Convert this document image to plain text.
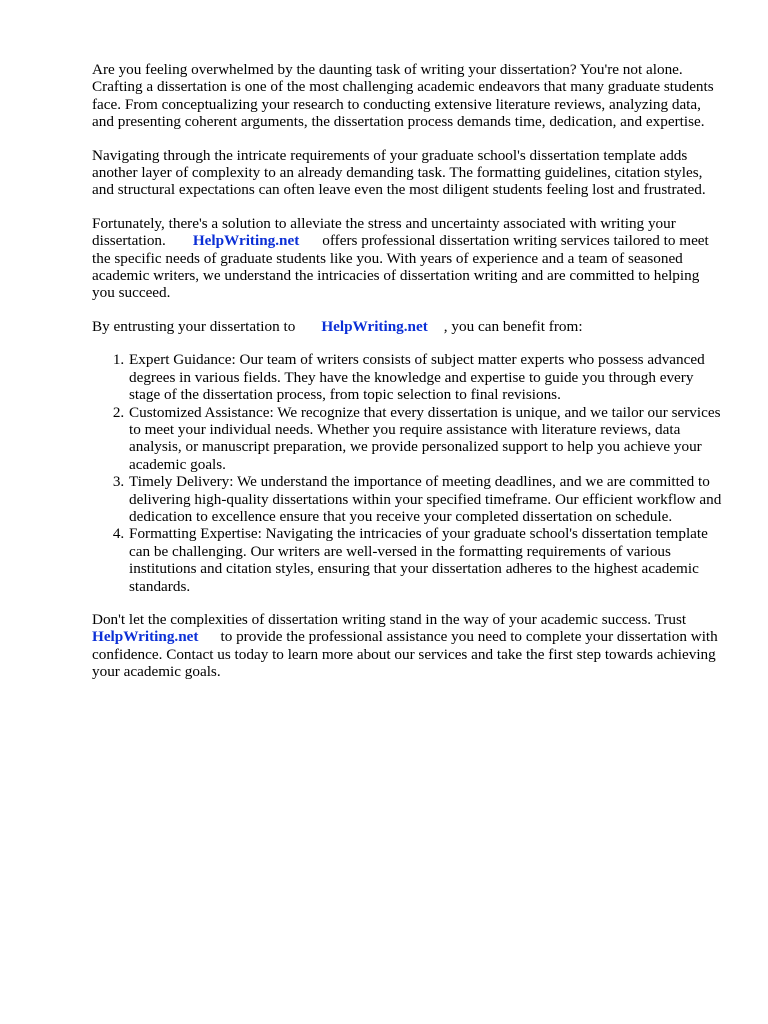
Are you feeling overwhelmed by the daunting task of writing your dissertation? You're not alone. Crafting a dissertation is one of the most challenging academic endeavors that many graduate students face. From conceptualizing your research to conducting extensive literature reviews, analyzing data, and presenting coherent arguments, the dissertation process demands time, dedication, and expertise.

Navigating through the intricate requirements of your graduate school's dissertation template adds another layer of complexity to an already demanding task. The formatting guidelines, citation styles, and structural expectations can often leave even the most diligent students feeling lost and frustrated.

Fortunately, there's a solution to alleviate the stress and uncertainty associated with writing your dissertation. HelpWriting.net offers professional dissertation writing services tailored to meet the specific needs of graduate students like you. With years of experience and a team of seasoned academic writers, we understand the intricacies of dissertation writing and are committed to helping you succeed.

By entrusting your dissertation to HelpWriting.net , you can benefit from:

1. Expert Guidance: Our team of writers consists of subject matter experts who possess advanced degrees in various fields. They have the knowledge and expertise to guide you through every stage of the dissertation process, from topic selection to final revisions.
2. Customized Assistance: We recognize that every dissertation is unique, and we tailor our services to meet your individual needs. Whether you require assistance with literature reviews, data analysis, or manuscript preparation, we provide personalized support to help you achieve your academic goals.
3. Timely Delivery: We understand the importance of meeting deadlines, and we are committed to delivering high-quality dissertations within your specified timeframe. Our efficient workflow and dedication to excellence ensure that you receive your completed dissertation on schedule.
4. Formatting Expertise: Navigating the intricacies of your graduate school's dissertation template can be challenging. Our writers are well-versed in the formatting requirements of various institutions and citation styles, ensuring that your dissertation adheres to the highest academic standards.

Don't let the complexities of dissertation writing stand in the way of your academic success. Trust HelpWriting.net to provide the professional assistance you need to complete your dissertation with confidence. Contact us today to learn more about our services and take the first step towards achieving your academic goals.
